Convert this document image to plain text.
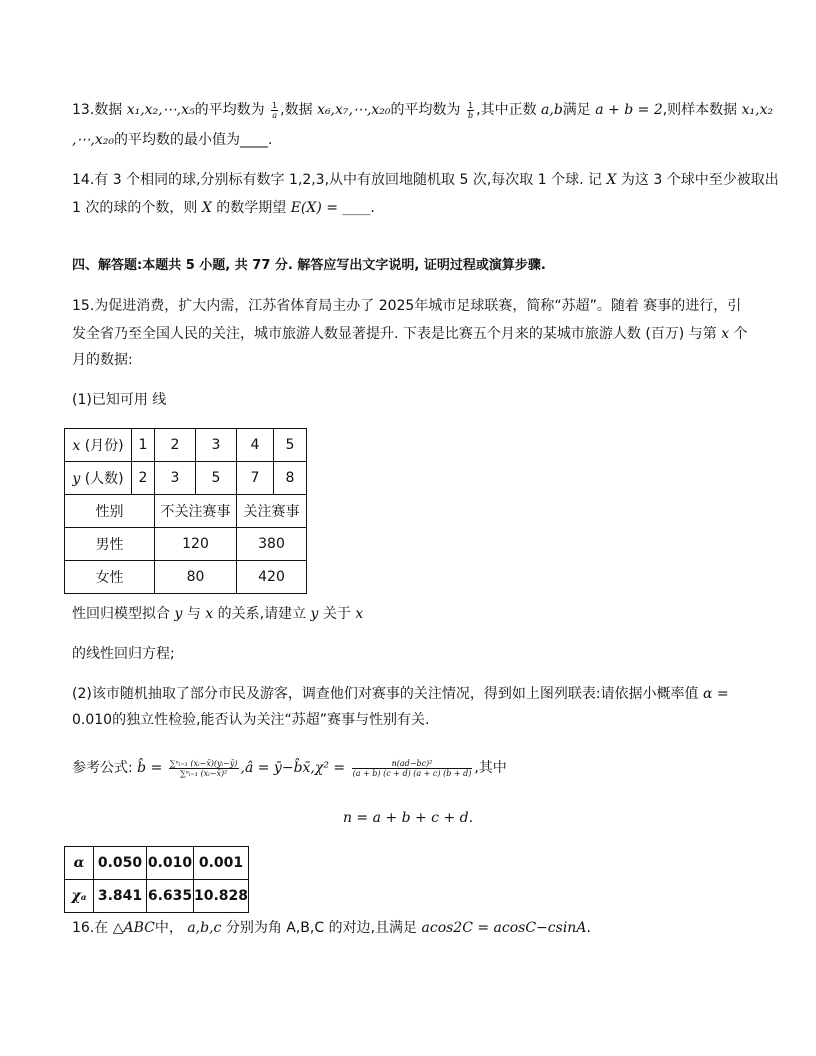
13.数据 x₁,x₂,⋯,x₅的平均数为 $\frac{1}{a}$ ,数据 x₆,x₇,⋯,x₂₀的平均数为 $\frac{1}{b}$ ,其中正数 a,b满足 a + b = 2,则样本数据 x₁,x₂
,⋯,x₂₀的平均数的最小值为____.
14.有 3 个相同的球,分别标有数字 1,2,3,从中有放回地随机取 5 次,每次取 1 个球. 记 X 为这 3 个球中至少被取出
1 次的球的个数，则 X 的数学期望 E(X) = ____.
四、解答题:本题共 5 小题, 共 77 分. 解答应写出文字说明, 证明过程或演算步骤.
15.为促进消费，扩大内需，江苏省体育局主办了 2025年城市足球联赛，简称“苏超”。随着 赛事的进行，引
发全省乃至全国人民的关注，城市旅游人数显著提升. 下表是比赛五个月来的某城市旅游人数 (百万) 与第 x 个
月的数据:
(1)已知可用 线
x (月份)	1	2	3	4	5
y (人数)	2	3	5	7	8
性别		不关注赛事		关注赛事	
男性		120		380	
女性		80		420	
性回归模型拟合 y 与 x 的关系,请建立 y 关于 x
的线性回归方程;
(2)该市随机抽取了部分市民及游客，调查他们对赛事的关注情况，得到如上图列联表:请依据小概率值 α =
0.010的独立性检验,能否认为关注“苏超”赛事与性别有关.
参考公式: b̂ = $\frac{\text{∑ⁿᵢ₌₁ (xᵢ−x̄)(yᵢ−ȳ)}}{\text{∑ⁿᵢ₌₁ (xᵢ−x̄)²}}$ ,â = ȳ−b̂x̄,χ² = $\frac{\text{n(ad−bc)²}}{(a + b) (c + d) (a + c) (b + d)}$ ,其中
n = a + b + c + d.
α	0.050	0.010	0.001
χₐ	3.841	6.635	10.828
16.在 △ABC中， a,b,c 分别为角 A,B,C 的对边,且满足 acos2C = acosC−csinA.
